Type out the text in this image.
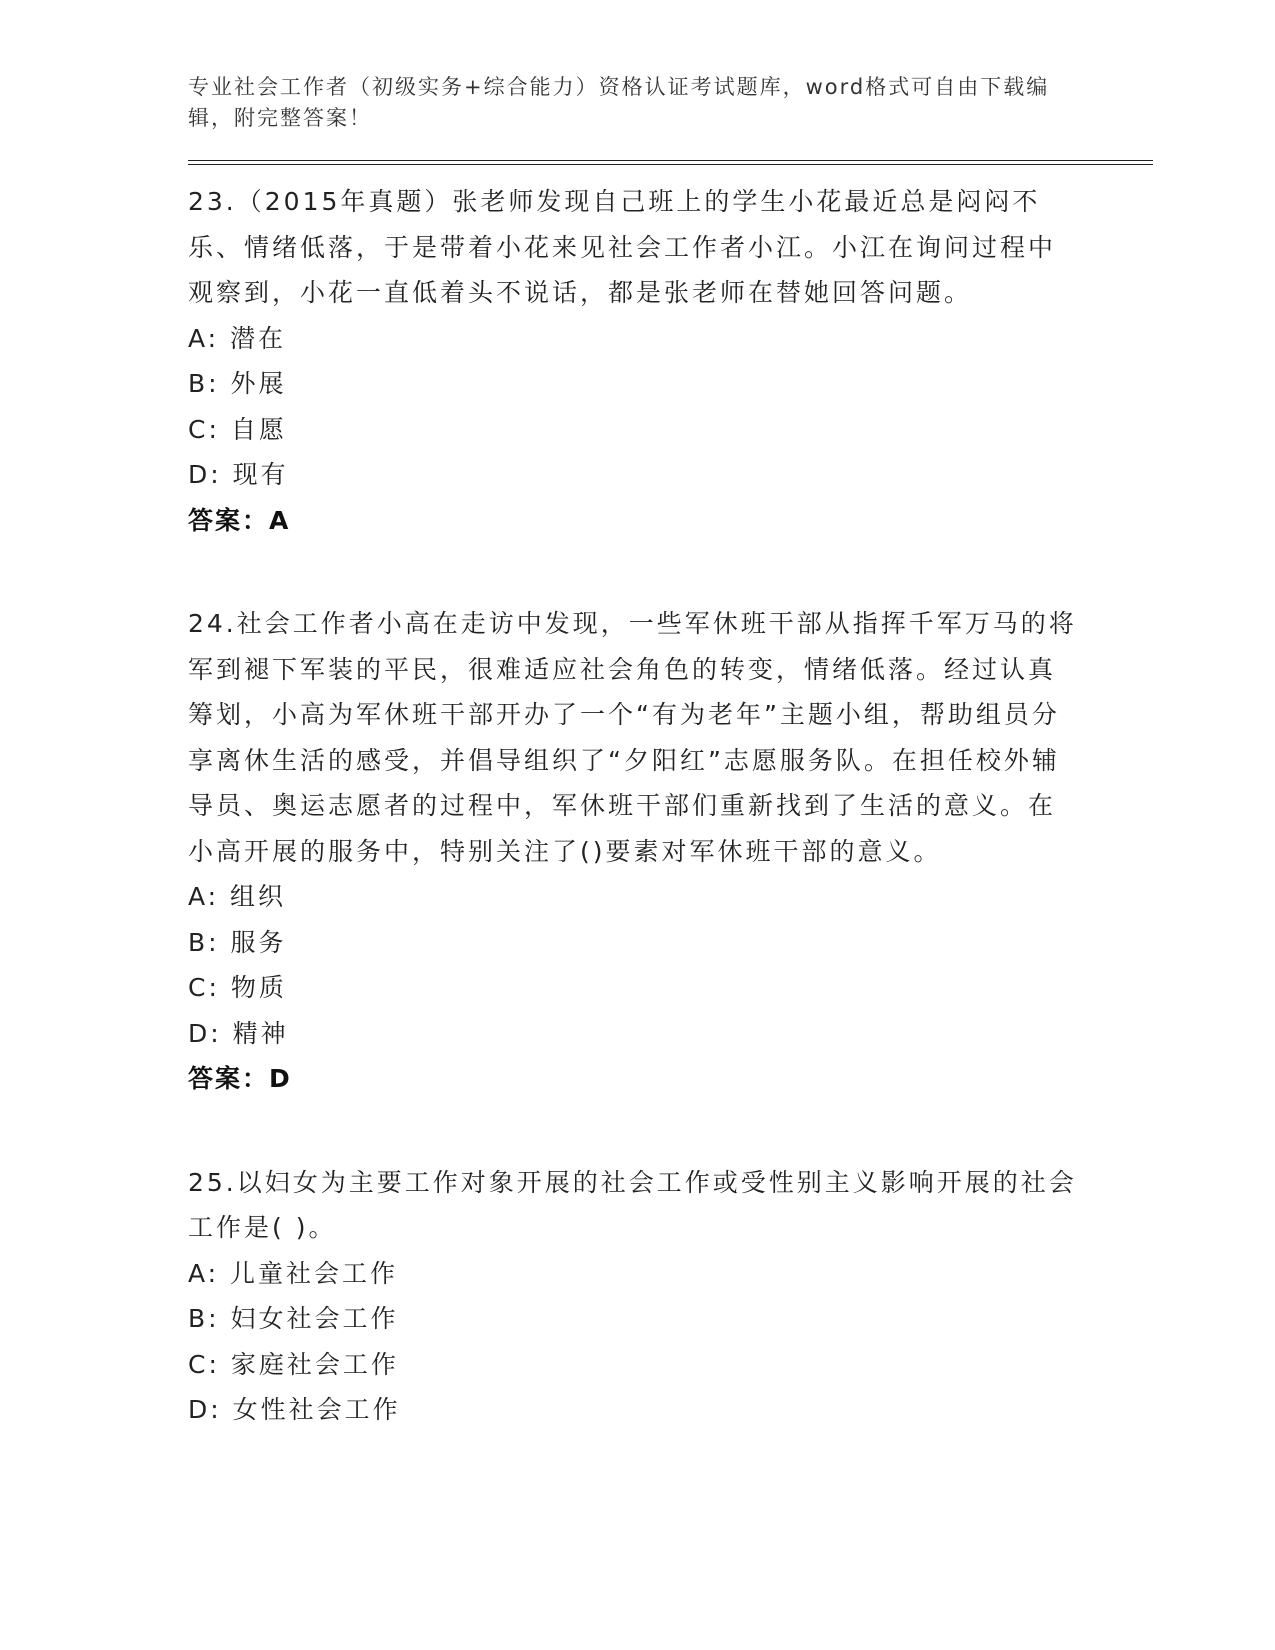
专业社会工作者（初级实务+综合能力）资格认证考试题库，word格式可自由下载编辑，附完整答案！

23.（2015年真题）张老师发现自己班上的学生小花最近总是闷闷不乐、情绪低落，于是带着小花来见社会工作者小江。小江在询问过程中观察到，小花一直低着头不说话，都是张老师在替她回答问题。

A: 潜在

B: 外展

C: 自愿

D: 现有

答案：A

24.社会工作者小高在走访中发现，一些军休班干部从指挥千军万马的将军到褪下军装的平民，很难适应社会角色的转变，情绪低落。经过认真筹划，小高为军休班干部开办了一个“有为老年”主题小组，帮助组员分享离休生活的感受，并倡导组织了“夕阳红”志愿服务队。在担任校外辅导员、奥运志愿者的过程中，军休班干部们重新找到了生活的意义。在小高开展的服务中，特别关注了()要素对军休班干部的意义。

A: 组织

B: 服务

C: 物质

D: 精神

答案：D

25.以妇女为主要工作对象开展的社会工作或受性别主义影响开展的社会工作是( )。

A: 儿童社会工作

B: 妇女社会工作

C: 家庭社会工作

D: 女性社会工作
